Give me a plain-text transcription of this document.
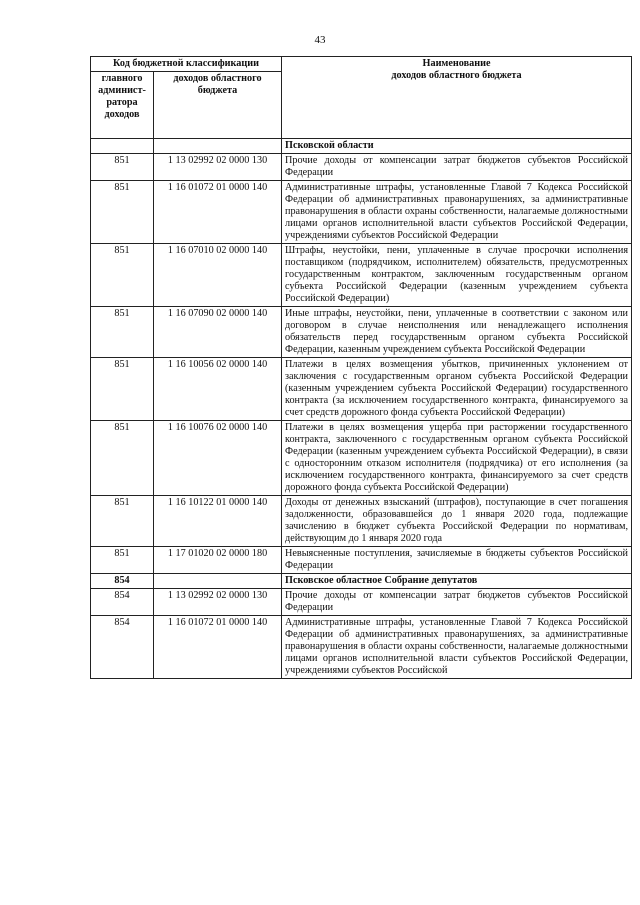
43
Код бюджетной классификации		Наименование
доходов областного бюджета

главного
админист-
ратора
доходов	доходов областного
бюджета	

		Псковской области
851	1 13 02992 02 0000 130	Прочие доходы от компенсации затрат бюджетов субъектов Российской Федерации
851	1 16 01072 01 0000 140	Административные штрафы, установленные Главой 7 Кодекса Российской Федерации об административных правонарушениях, за административные правонарушения в области охраны собственности, налагаемые должностными лицами органов исполнительной власти субъектов Российской Федерации, учреждениями субъектов Российской Федерации
851	1 16 07010 02 0000 140	Штрафы, неустойки, пени, уплаченные в случае просрочки исполнения поставщиком (подрядчиком, исполнителем) обязательств, предусмотренных государственным контрактом, заключенным государственным органом субъекта Российской Федерации (казенным учреждением субъекта Российской Федерации)
851	1 16 07090 02 0000 140	Иные штрафы, неустойки, пени, уплаченные в соответствии с законом или договором в случае неисполнения или ненадлежащего исполнения обязательств перед государственным органом субъекта Российской Федерации, казенным учреждением субъекта Российской Федерации
851	1 16 10056 02 0000 140	Платежи в целях возмещения убытков, причиненных уклонением от заключения с государственным органом субъекта Российской Федерации (казенным учреждением субъекта Российской Федерации) государственного контракта (за исключением государственного контракта, финансируемого за счет средств дорожного фонда субъекта Российской Федерации)
851	1 16 10076 02 0000 140	Платежи в целях возмещения ущерба при расторжении государственного контракта, заключенного с государственным органом субъекта Российской Федерации (казенным учреждением субъекта Российской Федерации), в связи с односторонним отказом исполнителя (подрядчика) от его исполнения (за исключением государственного контракта, финансируемого за счет средств дорожного фонда субъекта Российской Федерации)
851	1 16 10122 01 0000 140	Доходы от денежных взысканий (штрафов), поступающие в счет погашения задолженности, образовавшейся до 1 января 2020 года, подлежащие зачислению в бюджет субъекта Российской Федерации по нормативам, действующим до 1 января 2020 года
851	1 17 01020 02 0000 180	Невыясненные поступления, зачисляемые в бюджеты субъектов Российской Федерации
854		Псковское областное Собрание депутатов
854	1 13 02992 02 0000 130	Прочие доходы от компенсации затрат бюджетов субъектов Российской Федерации
854	1 16 01072 01 0000 140	Административные штрафы, установленные Главой 7 Кодекса Российской Федерации об административных правонарушениях, за административные правонарушения в области охраны собственности, налагаемые должностными лицами органов исполнительной власти субъектов Российской Федерации, учреждениями субъектов Российской
